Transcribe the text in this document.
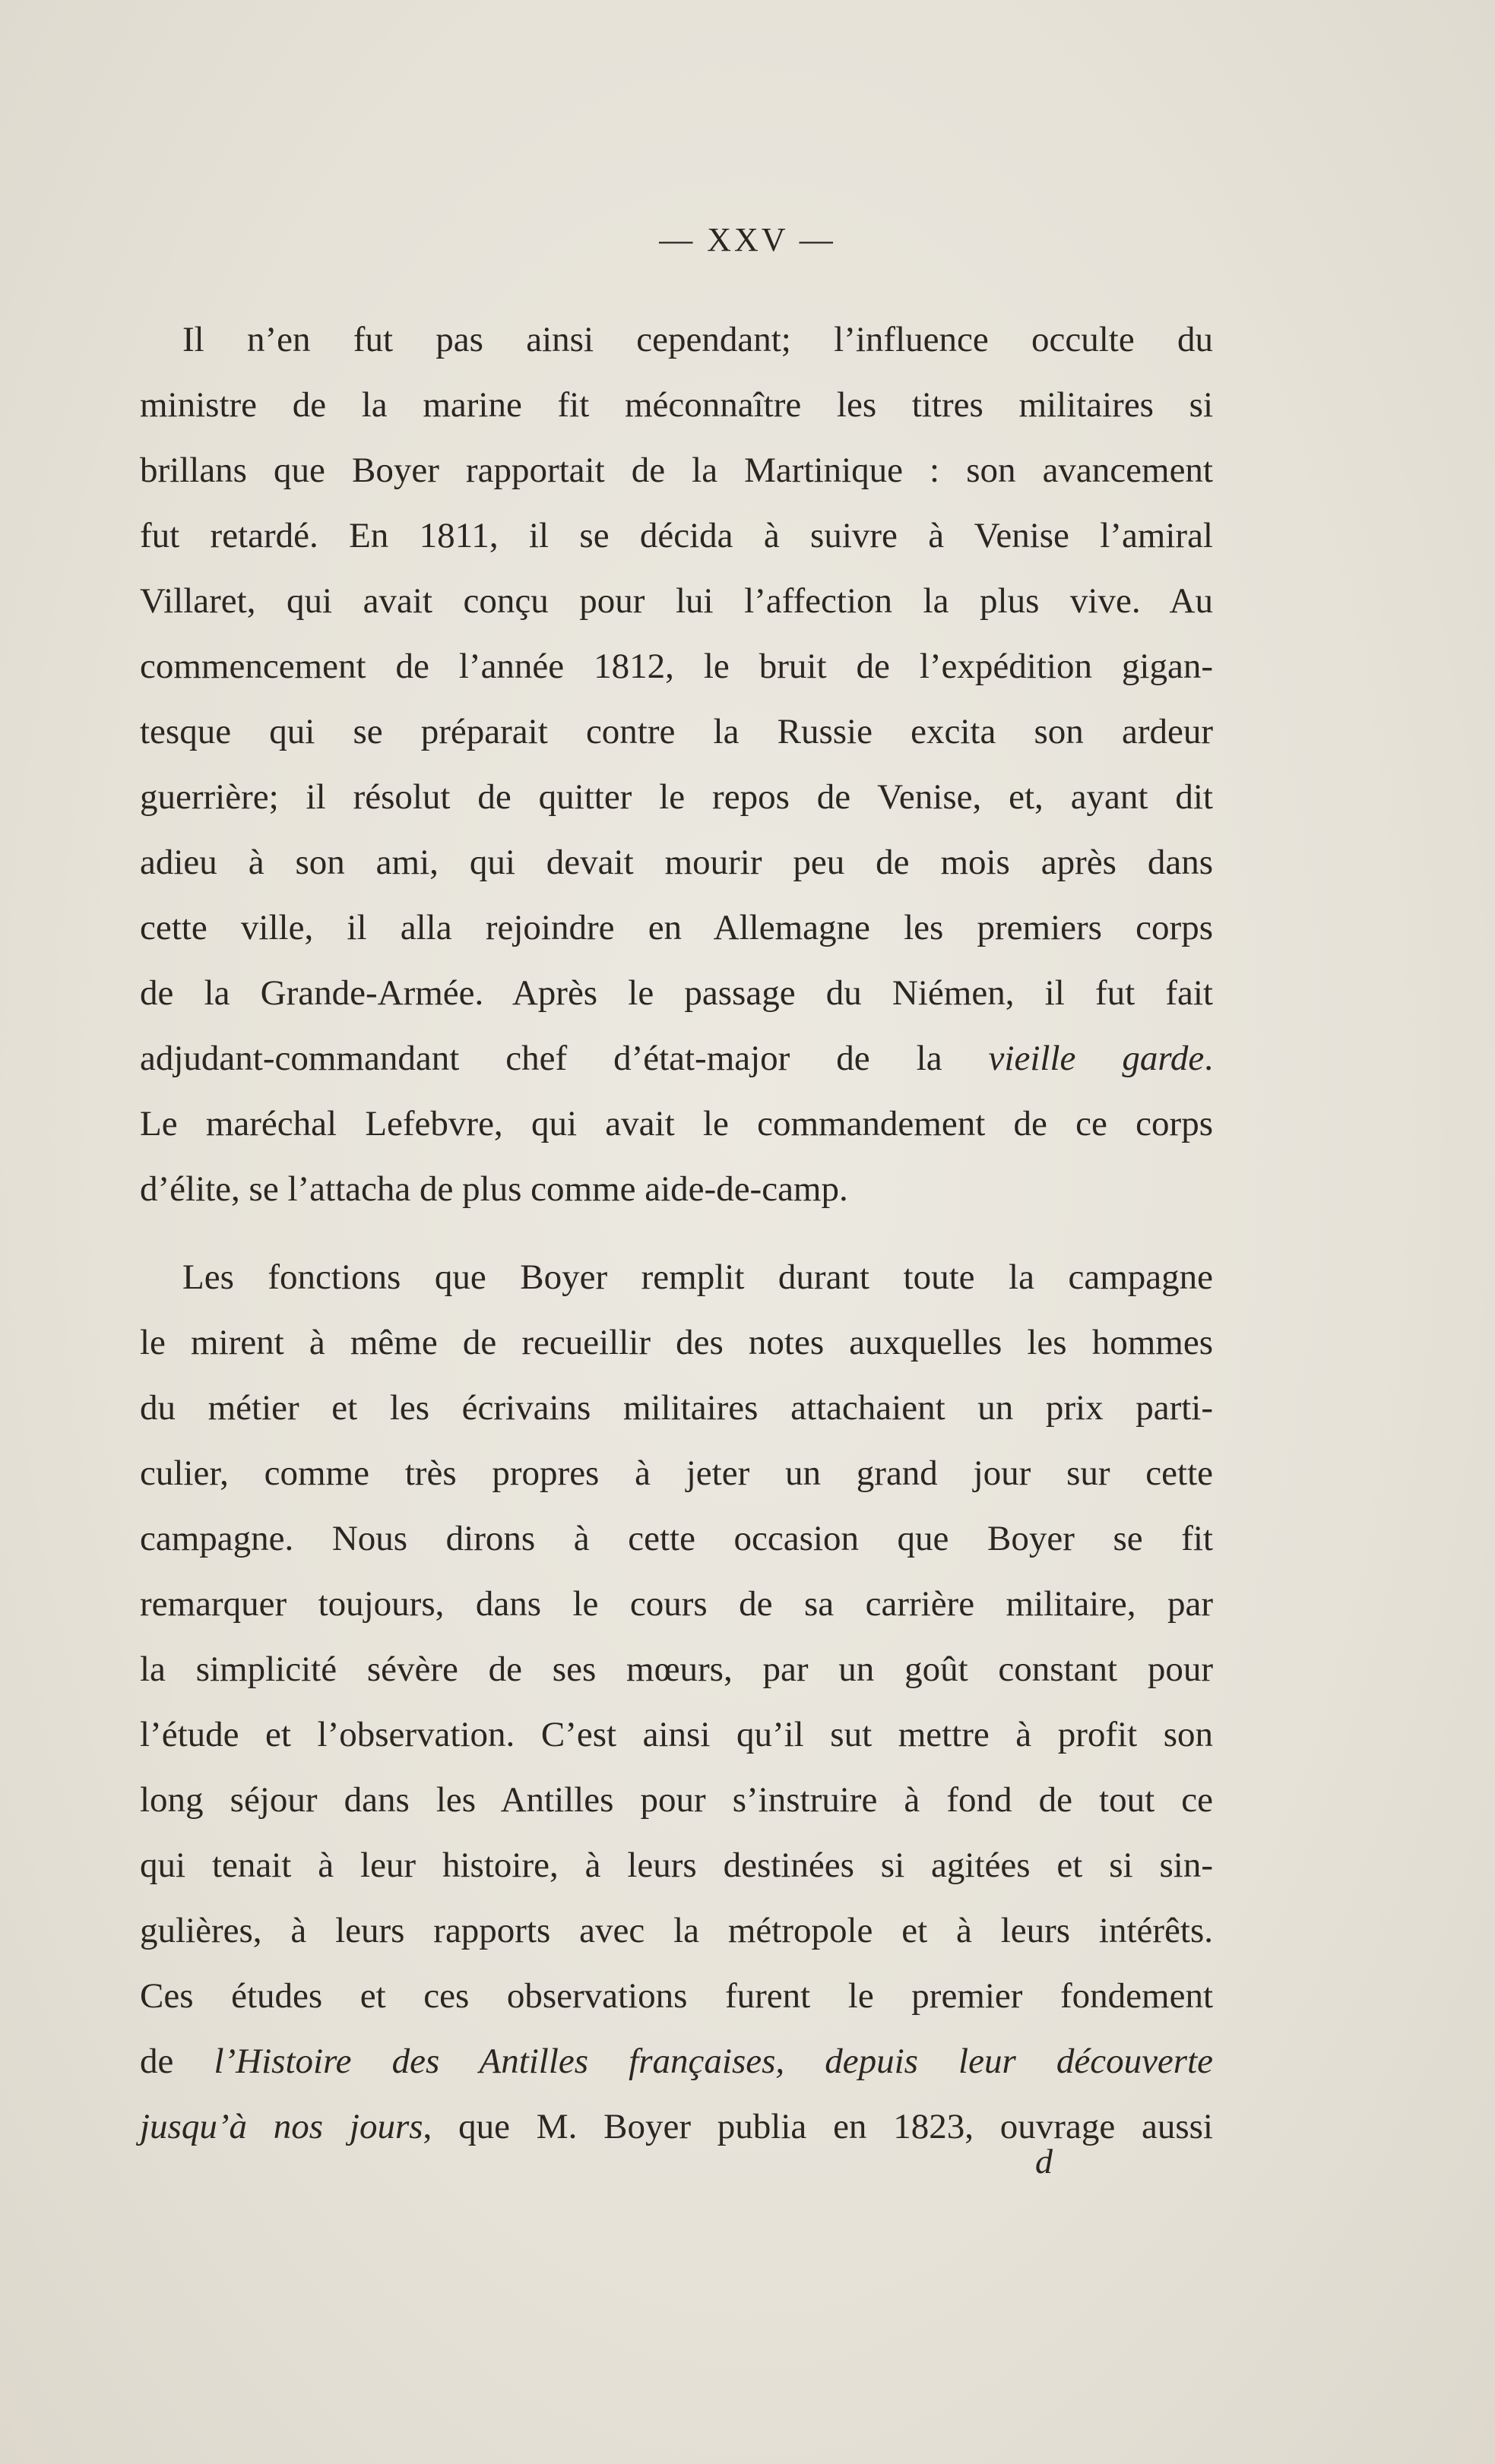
— XXV —
Il n’en fut pas ainsi cependant; l’influence occulte du
ministre de la marine fit méconnaître les titres militaires si
brillans que Boyer rapportait de la Martinique : son avancement
fut retardé. En 1811, il se décida à suivre à Venise l’amiral
Villaret, qui avait conçu pour lui l’affection la plus vive. Au
commencement de l’année 1812, le bruit de l’expédition gigan-
tesque qui se préparait contre la Russie excita son ardeur
guerrière; il résolut de quitter le repos de Venise, et, ayant dit
adieu à son ami, qui devait mourir peu de mois après dans
cette ville, il alla rejoindre en Allemagne les premiers corps
de la Grande-Armée. Après le passage du Niémen, il fut fait
adjudant-commandant chef d’état-major de la vieille garde.
Le maréchal Lefebvre, qui avait le commandement de ce corps
d’élite, se l’attacha de plus comme aide-de-camp.
Les fonctions que Boyer remplit durant toute la campagne
le mirent à même de recueillir des notes auxquelles les hommes
du métier et les écrivains militaires attachaient un prix parti-
culier, comme très propres à jeter un grand jour sur cette
campagne. Nous dirons à cette occasion que Boyer se fit
remarquer toujours, dans le cours de sa carrière militaire, par
la simplicité sévère de ses mœurs, par un goût constant pour
l’étude et l’observation. C’est ainsi qu’il sut mettre à profit son
long séjour dans les Antilles pour s’instruire à fond de tout ce
qui tenait à leur histoire, à leurs destinées si agitées et si sin-
gulières, à leurs rapports avec la métropole et à leurs intérêts.
Ces études et ces observations furent le premier fondement
de l’Histoire des Antilles françaises, depuis leur découverte
jusqu’à nos jours, que M. Boyer publia en 1823, ouvrage aussi
d
